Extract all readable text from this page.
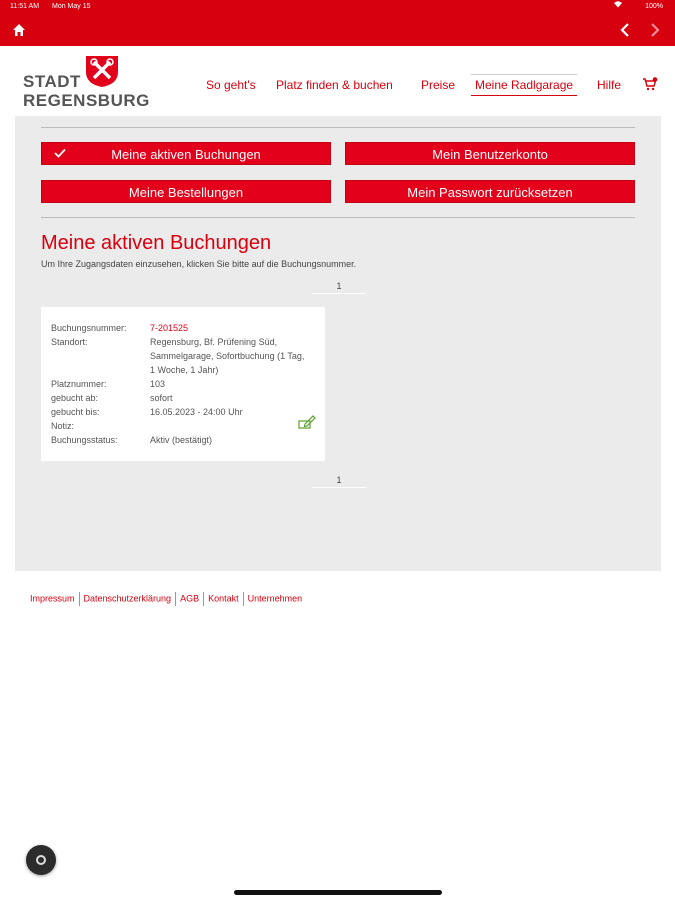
11:51 AM Mon May 15	100%
STADT
REGENSBURG
So geht's Platz finden & buchen Preise	Meine Radlgarage	Hilfe
Meine aktiven Buchungen	Mein Benutzerkonto
Meine Bestellungen	Mein Passwort zurücksetzen
Meine aktiven Buchungen
Um Ihre Zugangsdaten einzusehen, klicken Sie bitte auf die Buchungsnummer.
1
Buchungsnummer:	7-201525
Standort:	Regensburg, Bf. Prüfening Süd, Sammelgarage, Sofortbuchung (1 Tag, 1 Woche, 1 Jahr)
Platznummer:	103
gebucht ab:	sofort
gebucht bis:	16.05.2023 - 24:00 Uhr
Notiz:
Buchungsstatus:	Aktiv (bestätigt)
1
Impressum Datenschutzerklärung AGB Kontakt Unternehmen
